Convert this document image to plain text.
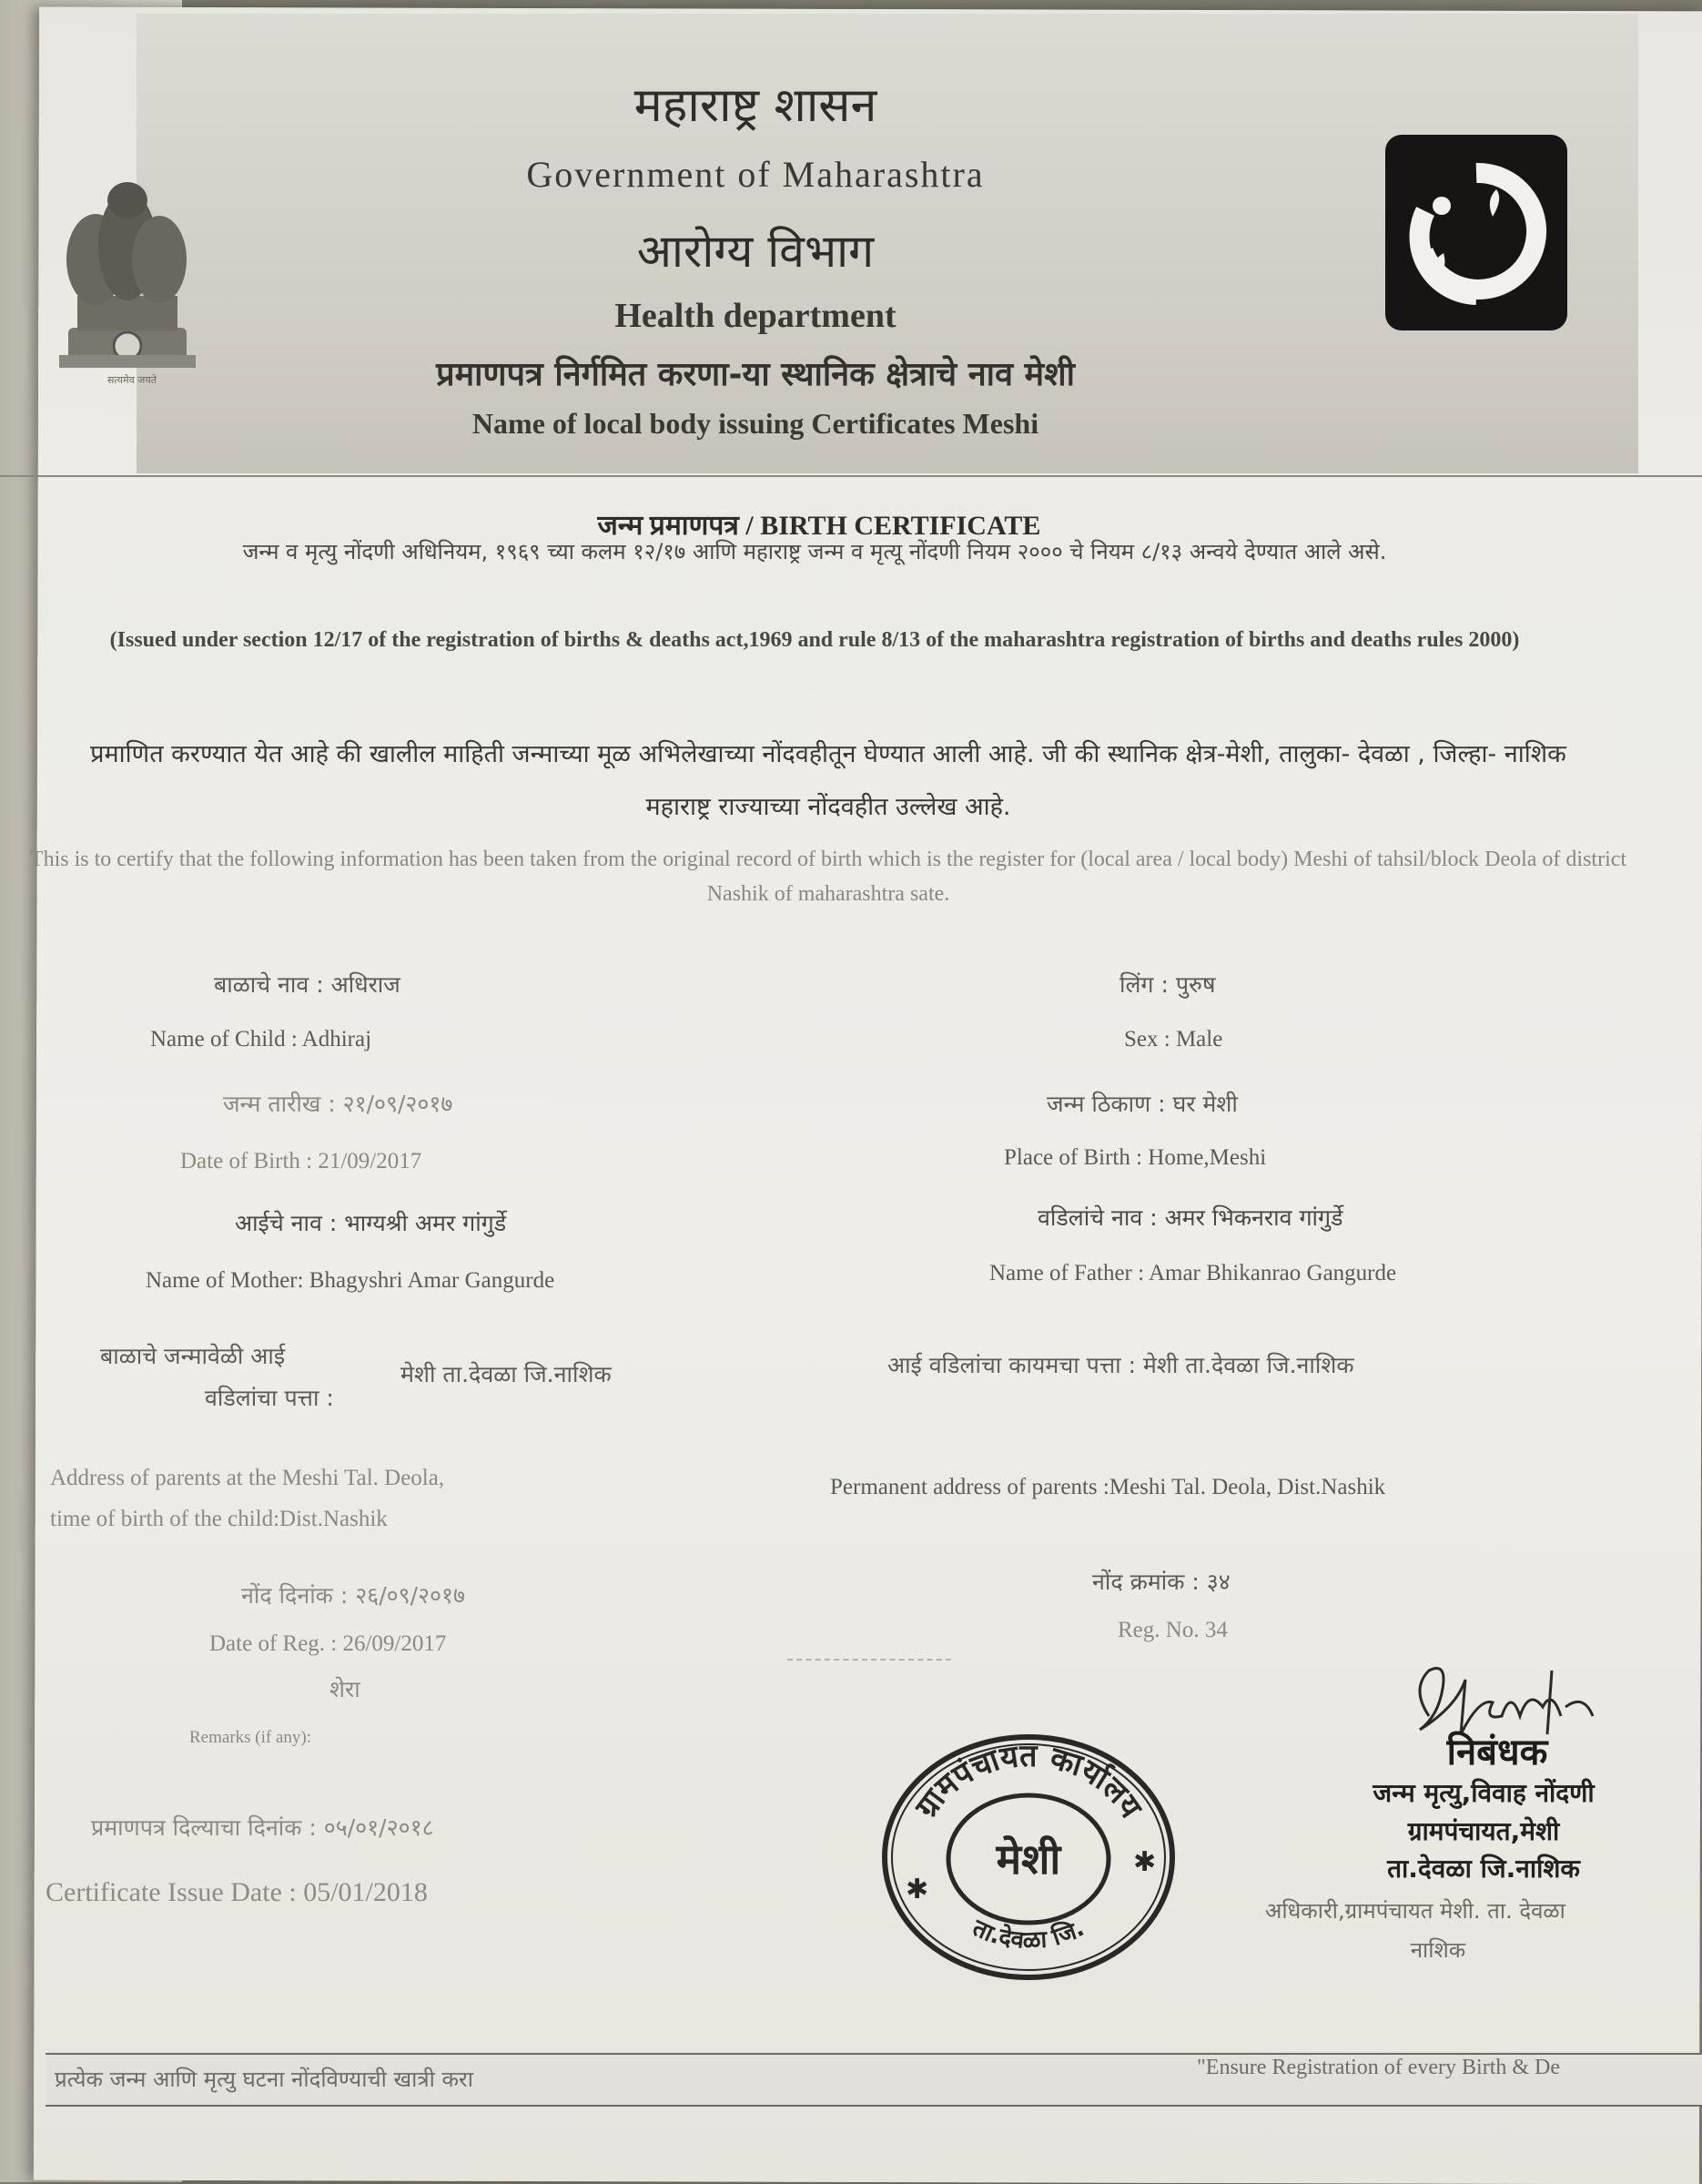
सत्यमेव जयते
महाराष्ट्र शासन
Government of Maharashtra
आरोग्य विभाग
Health department
प्रमाणपत्र निर्गमित करणा-या स्थानिक क्षेत्राचे नाव मेशी
Name of local body issuing Certificates Meshi
जन्म प्रमाणपत्र / BIRTH CERTIFICATE
जन्म व मृत्यु नोंदणी अधिनियम, १९६९ च्या कलम १२/१७ आणि महाराष्ट्र जन्म व मृत्यू नोंदणी नियम २००० चे नियम ८/१३ अन्वये देण्यात आले असे.
(Issued under section 12/17 of the registration of births & deaths act,1969 and rule 8/13 of the maharashtra registration of births and deaths rules 2000)
प्रमाणित करण्यात येत आहे की खालील माहिती जन्माच्या मूळ अभिलेखाच्या नोंदवहीतून घेण्यात आली आहे. जी की स्थानिक क्षेत्र-मेशी, तालुका- देवळा , जिल्हा- नाशिक महाराष्ट्र राज्याच्या नोंदवहीत उल्लेख आहे.
This is to certify that the following information has been taken from the original record of birth which is the register for (local area / local body) Meshi of tahsil/block Deola of district Nashik of maharashtra sate.
बाळाचे नाव : अधिराज
Name of Child : Adhiraj
जन्म तारीख : २१/०९/२०१७
Date of Birth : 21/09/2017
आईचे नाव : भाग्यश्री अमर गांगुर्डे
Name of Mother: Bhagyshri Amar Gangurde
लिंग : पुरुष
Sex : Male
जन्म ठिकाण : घर मेशी
Place of Birth : Home,Meshi
वडिलांचे नाव : अमर भिकनराव गांगुर्डे
Name of Father : Amar Bhikanrao Gangurde
बाळाचे जन्मावेळी आई
वडिलांचा पत्ता :
मेशी ता.देवळा जि.नाशिक	आई वडिलांचा कायमचा पत्ता : मेशी ता.देवळा जि.नाशिक
Address of parents at the Meshi Tal. Deola,
time of birth of the child:Dist.Nashik
Permanent address of parents :Meshi Tal. Deola, Dist.Nashik
नोंद दिनांक : २६/०९/२०१७
Date of Reg. : 26/09/2017
शेरा
Remarks (if any):
नोंद क्रमांक : ३४
Reg. No. 34
प्रमाणपत्र दिल्याचा दिनांक : ०५/०१/२०१८
Certificate Issue Date : 05/01/2018
ग्रामपंचायत कार्यालय
मेशी
ता.देवळा जि.
✱
✱
निबंधक
जन्म मृत्यु,विवाह नोंदणी
ग्रामपंचायत,मेशी
ता.देवळा जि.नाशिक
अधिकारी,ग्रामपंचायत मेशी. ता. देवळा
नाशिक
प्रत्येक जन्म आणि मृत्यु घटना नोंदविण्याची खात्री करा	"Ensure Registration of every Birth & De
